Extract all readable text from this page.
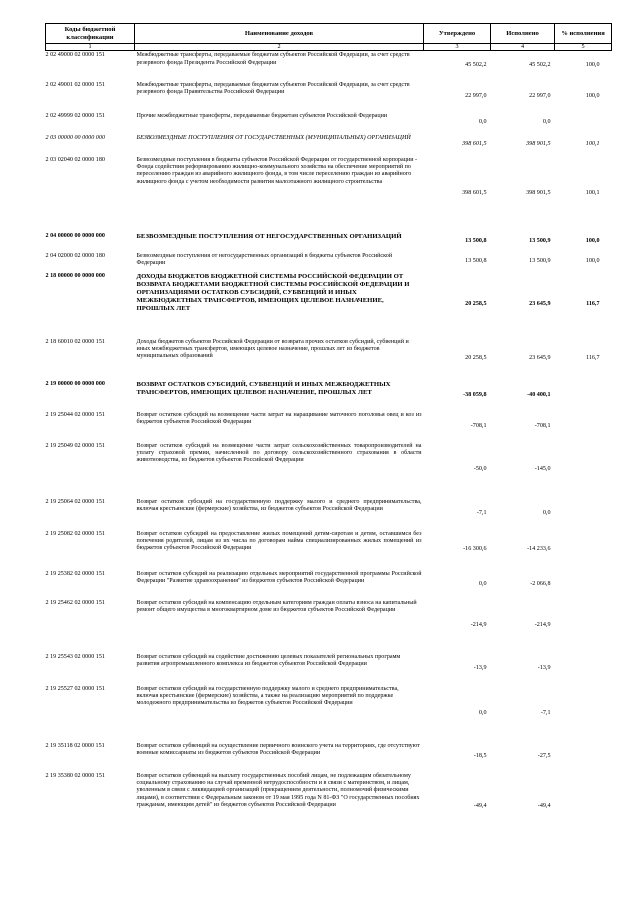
Коды бюджетной классификации	Наименование доходов	Утверждено	Исполнено	% исполнения
1	2	3	4	5
2 02 49000 02 0000 151	Межбюджетные трансферты, передаваемые бюджетам субъектов Российской Федерации, за счет средств резервного фонда Президента Российской Федерации	45 502,2	45 502,2	100,0
2 02 49001 02 0000 151	Межбюджетные трансферты, передаваемые бюджетам субъектов Российской Федерации, за счет средств резервного фонда Правительства Российской Федерации	22 997,0	22 997,0	100,0
2 02 49999 02 0000 151	Прочие межбюджетные трансферты, передаваемые бюджетам субъектов Российской Федерации	0,0	0,0	
2 03 00000 00 0000 000	БЕЗВОЗМЕЗДНЫЕ ПОСТУПЛЕНИЯ ОТ ГОСУДАРСТВЕННЫХ (МУНИЦИПАЛЬНЫХ) ОРГАНИЗАЦИЙ	398 601,5	398 901,5	100,1
2 03 02040 02 0000 180	Безвозмездные поступления в бюджеты субъектов Российской Федерации от государственной корпорации - Фонда содействия реформированию жилищно-коммунального хозяйства на обеспечение мероприятий по переселению граждан из аварийного жилищного фонда, в том числе переселению граждан из аварийного жилищного фонда с учетом необходимости развития малоэтажного жилищного строительства	398 601,5	398 901,5	100,1
2 04 00000 00 0000 000	БЕЗВОЗМЕЗДНЫЕ ПОСТУПЛЕНИЯ ОТ НЕГОСУДАРСТВЕННЫХ ОРГАНИЗАЦИЙ	13 500,8	13 500,9	100,0
2 04 02000 02 0000 180	Безвозмездные поступления от негосударственных организаций в бюджеты субъектов Российской Федерации	13 500,8	13 500,9	100,0
2 18 00000 00 0000 000	ДОХОДЫ БЮДЖЕТОВ БЮДЖЕТНОЙ СИСТЕМЫ РОССИЙСКОЙ ФЕДЕРАЦИИ ОТ ВОЗВРАТА БЮДЖЕТАМИ БЮДЖЕТНОЙ СИСТЕМЫ РОССИЙСКОЙ ФЕДЕРАЦИИ И ОРГАНИЗАЦИЯМИ ОСТАТКОВ СУБСИДИЙ, СУБВЕНЦИЙ И ИНЫХ МЕЖБЮДЖЕТНЫХ ТРАНСФЕРТОВ, ИМЕЮЩИХ ЦЕЛЕВОЕ НАЗНАЧЕНИЕ, ПРОШЛЫХ ЛЕТ	20 258,5	23 645,9	116,7
2 18 60010 02 0000 151	Доходы бюджетов субъектов Российской Федерации от возврата прочих остатков субсидий, субвенций и иных межбюджетных трансфертов, имеющих целевое назначение, прошлых лет из бюджетов муниципальных образований	20 258,5	23 645,9	116,7
2 19 00000 00 0000 000	ВОЗВРАТ ОСТАТКОВ СУБСИДИЙ, СУБВЕНЦИЙ И ИНЫХ МЕЖБЮДЖЕТНЫХ ТРАНСФЕРТОВ, ИМЕЮЩИХ ЦЕЛЕВОЕ НАЗНАЧЕНИЕ, ПРОШЛЫХ ЛЕТ	-38 059,8	-40 400,1	
2 19 25044 02 0000 151	Возврат остатков субсидий на возмещение части затрат на наращивание маточного поголовья овец и коз из бюджетов субъектов Российской Федерации	-708,1	-708,1	
2 19 25049 02 0000 151	Возврат остатков субсидий на возмещение части затрат сельскохозяйственных товаропроизводителей на уплату страховой премии, начисленной по договору сельскохозяйственного страхования в области животноводства, из бюджетов субъектов Российской Федерации	-50,0	-145,0	
2 19 25064 02 0000 151	Возврат остатков субсидий на государственную поддержку малого и среднего предпринимательства, включая крестьянские (фермерские) хозяйства, из бюджетов субъектов Российской Федерации	-7,1	0,0	
2 19 25082 02 0000 151	Возврат остатков субсидий на предоставление жилых помещений детям-сиротам и детям, оставшимся без попечения родителей, лицам из их числа по договорам найма специализированных жилых помещений из бюджетов субъектов Российской Федерации	-16 300,6	-14 233,6	
2 19 25382 02 0000 151	Возврат остатков субсидий на реализацию отдельных мероприятий государственной программы Российской Федерации "Развитие здравоохранения" из бюджетов субъектов Российской Федерации	0,0	-2 066,8	
2 19 25462 02 0000 151	Возврат остатков субсидий на компенсацию отдельным категориям граждан оплаты взноса на капитальный ремонт общего имущества в многоквартирном доме из бюджетов субъектов Российской Федерации	-214,9	-214,9	
2 19 25543 02 0000 151	Возврат остатков субсидий на содействие достижению целевых показателей региональных программ развития агропромышленного комплекса из бюджетов субъектов Российской Федерации	-13,9	-13,9	
2 19 25527 02 0000 151	Возврат остатков субсидий на государственную поддержку малого и среднего предпринимательства, включая крестьянские (фермерские) хозяйства, а также на реализацию мероприятий по поддержке молодежного предпринимательства из бюджетов субъектов Российской Федерации	0,0	-7,1	
2 19 35118 02 0000 151	Возврат остатков субвенций на осуществление первичного воинского учета на территориях, где отсутствуют военные комиссариаты из бюджетов субъектов Российской Федерации	-18,5	-27,5	
2 19 35380 02 0000 151	Возврат остатков субвенций на выплату государственных пособий лицам, не подлежащим обязательному социальному страхованию на случай временной нетрудоспособности и в связи с материнством, и лицам, уволенным в связи с ликвидацией организаций (прекращением деятельности, полномочий физическими лицами), в соответствии с Федеральным законом от 19 мая 1995 года N 81-ФЗ "О государственных пособиях гражданам, имеющим детей" из бюджетов субъектов Российской Федерации	-49,4	-49,4	
